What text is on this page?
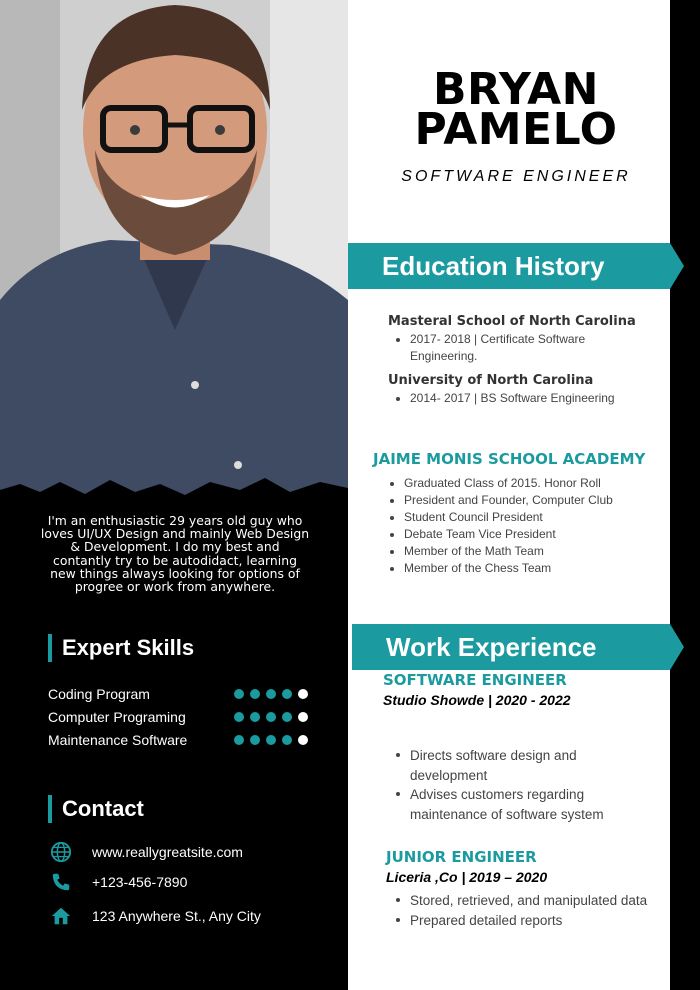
I'm an enthusiastic 29 years old guy who loves UI/UX Design and mainly Web Design & Development. I do my best and contantly try to be autodidact, learning new things always looking for options of progree or work from anywhere.
Expert Skills
Coding Program
Computer Programing
Maintenance Software
Contact
www.reallygreatsite.com
+123-456-7890
123 Anywhere St., Any City
BRYAN
PAMELO
SOFTWARE ENGINEER
Education History
Masteral School of North Carolina
2017- 2018 | Certificate Software Engineering.
University of North Carolina
2014- 2017 | BS Software Engineering
JAIME MONIS SCHOOL ACADEMY
Graduated Class of 2015. Honor Roll
President and Founder, Computer Club
Student Council President
Debate Team Vice President
Member of the Math Team
Member of the Chess Team
Work Experience
SOFTWARE ENGINEER
Studio Showde | 2020 - 2022
Directs software design and development
Advises customers regarding maintenance of software system
JUNIOR ENGINEER
Liceria ,Co | 2019 – 2020
Stored, retrieved, and manipulated data
Prepared detailed reports
